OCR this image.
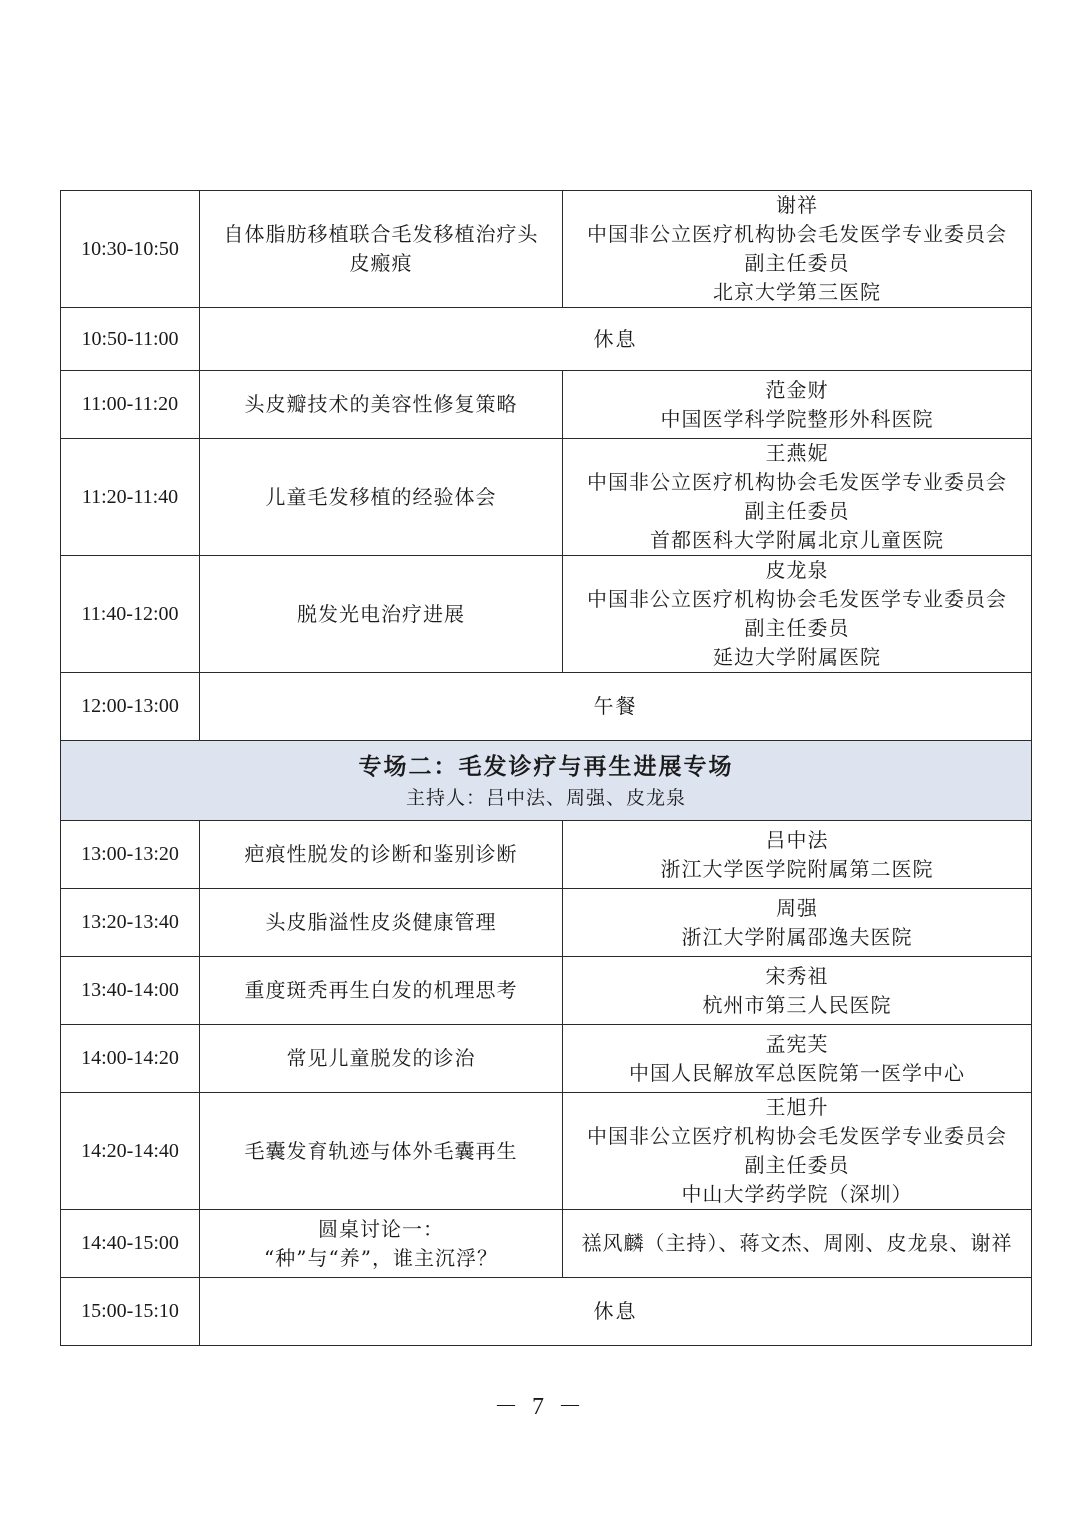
10:30-10:50	自体脂肪移植联合毛发移植治疗头
皮瘢痕	谢祥
中国非公立医疗机构协会毛发医学专业委员会
副主任委员
北京大学第三医院

10:50-11:00	休息	
11:00-11:20	头皮瓣技术的美容性修复策略	范金财
中国医学科学院整形外科医院

11:20-11:40	儿童毛发移植的经验体会	王燕妮
中国非公立医疗机构协会毛发医学专业委员会
副主任委员
首都医科大学附属北京儿童医院

11:40-12:00	脱发光电治疗进展	皮龙泉
中国非公立医疗机构协会毛发医学专业委员会
副主任委员
延边大学附属医院

12:00-13:00	午餐	

专场二：毛发诊疗与再生进展专场
主持人：吕中法、周强、皮龙泉		

13:00-13:20	疤痕性脱发的诊断和鉴别诊断	吕中法
浙江大学医学院附属第二医院

13:20-13:40	头皮脂溢性皮炎健康管理	周强
浙江大学附属邵逸夫医院

13:40-14:00	重度斑秃再生白发的机理思考	宋秀祖
杭州市第三人民医院

14:00-14:20	常见儿童脱发的诊治	孟宪芙
中国人民解放军总医院第一医学中心

14:20-14:40	毛囊发育轨迹与体外毛囊再生	王旭升
中国非公立医疗机构协会毛发医学专业委员会
副主任委员
中山大学药学院（深圳）

14:40-15:00	圆桌讨论一：
“种”与“养”，谁主沉浮？	禚风麟（主持）、蒋文杰、周刚、皮龙泉、谢祥

15:00-15:10	休息	
－ 7 －
